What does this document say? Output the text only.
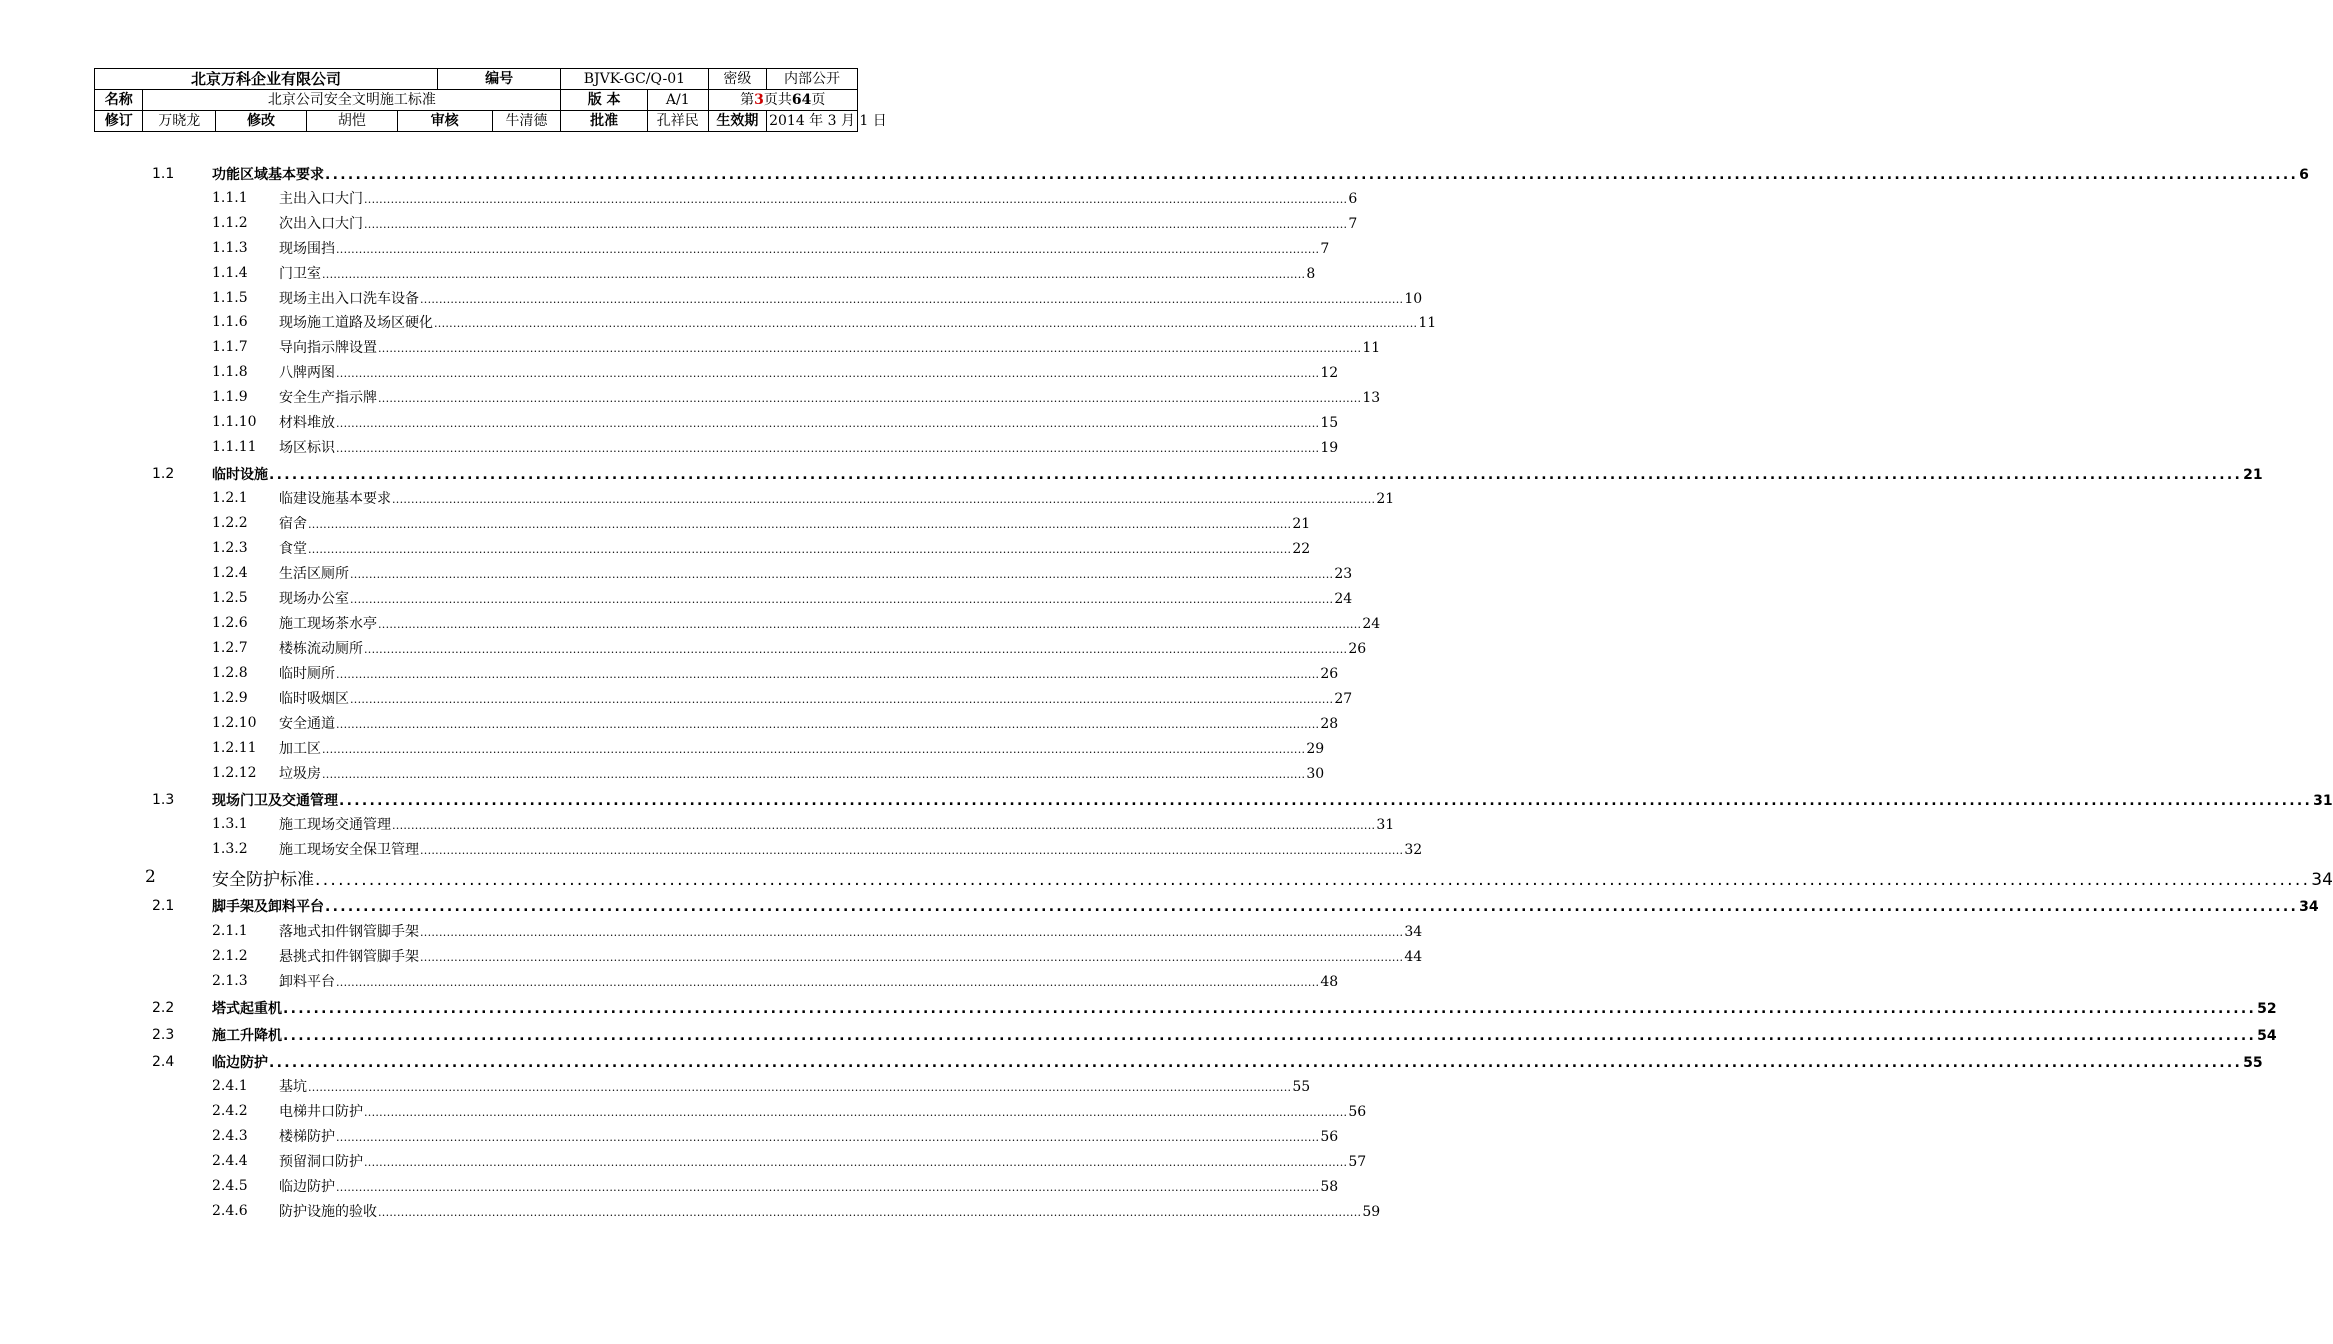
北京万科企业有限公司					编号		BJVK-GC/Q-01		密级	内部公开
名称	北京公司安全文明施工标准						版 本	A/1	第3页共64页	
修订	万晓龙	修改	胡恺	审核		牛清德	批准	孔祥民	生效期	2014 年 3 月 1 日
1.1	功能区域基本要求 .....	6
1.1.1 主出入口大门 .....	6
1.1.2 次出入口大门 .....	7
1.1.3 现场围挡 .....	7
1.1.4 门卫室 .....	8
1.1.5 现场主出入口洗车设备 .....	10
1.1.6 现场施工道路及场区硬化 .....	11
1.1.7 导向指示牌设置 .....	11
1.1.8 八牌两图 .....	12
1.1.9 安全生产指示牌 .....	13
1.1.10 材料堆放 .....	15
1.1.11 场区标识 .....	19
1.2	临时设施 .....	21
1.2.1 临建设施基本要求 .....	21
1.2.2 宿舍 .....	21
1.2.3 食堂 .....	22
1.2.4 生活区厕所 .....	23
1.2.5 现场办公室 .....	24
1.2.6 施工现场茶水亭 .....	24
1.2.7 楼栋流动厕所 .....	26
1.2.8 临时厕所 .....	26
1.2.9 临时吸烟区 .....	27
1.2.10 安全通道 .....	28
1.2.11 加工区 .....	29
1.2.12 垃圾房 .....	30
1.3	现场门卫及交通管理 .....	31
1.3.1 施工现场交通管理 .....	31
1.3.2 施工现场安全保卫管理 .....	32
2	安全防护标准 .....	34
2.1	脚手架及卸料平台 .....	34
2.1.1 落地式扣件钢管脚手架 .....	34
2.1.2 悬挑式扣件钢管脚手架 .....	44
2.1.3 卸料平台 .....	48
2.2	塔式起重机 .....	52
2.3	施工升降机 .....	54
2.4	临边防护 .....	55
2.4.1 基坑 .....	55
2.4.2 电梯井口防护 .....	56
2.4.3 楼梯防护 .....	56
2.4.4 预留洞口防护 .....	57
2.4.5 临边防护 .....	58
2.4.6 防护设施的验收 .....	59
